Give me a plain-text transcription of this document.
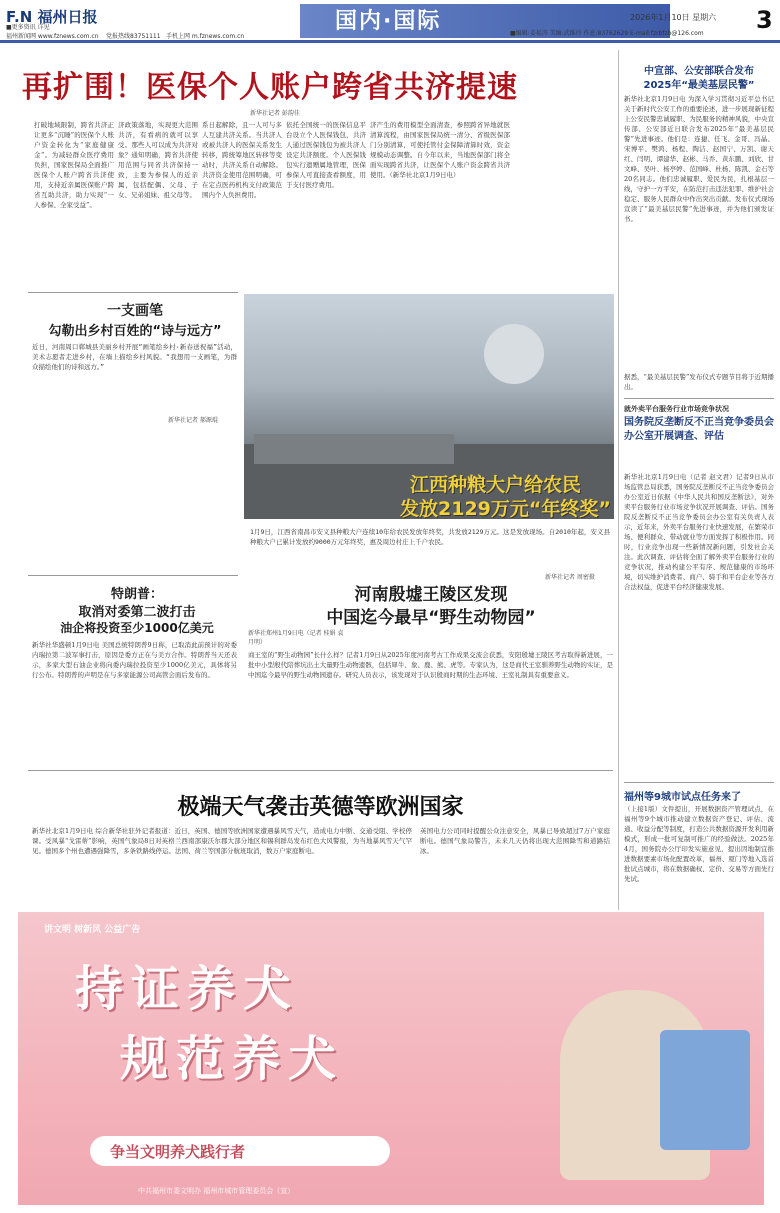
F.N 福州日报
■更多资讯 详见
福州新闻网 www.fznews.com.cn 党报热线83751111 手机上网 m.fznews.com.cn
国内·国际	2026年1月10日 星期六 3
■编辑:姜福涛 美编:武维玲 作息:83762629 E-mail:fzrbfzb@126.com
再扩围！医保个人账户跨省共济提速
新华社记者 彭韵佳
打破地域限制，跨省共济正让更多“沉睡”的医保个人账户资金转化为“家庭健康金”。为减轻群众医疗费用负担，国家医保局全面推广医保个人账户跨省共济使用，支持近亲属医保账户跨省互助共济，助力实现“一人参保、全家受益”。
济政策落地，实现更大范围共济，有看病的就可以享受。那些人可以成为共济对象？通知明确，跨省共济使用范围与同省共济保持一致，主要为参保人的近亲属，包括配偶、父母、子女、兄弟姐妹、祖父母等。
系日起解除，且一人可与多人互建共济关系。当共济人或被共济人的医保关系发生转移，跨统筹地区转移等变动时，共济关系自动解除。共济资金使用范围明确，可在定点医药机构支付政策范围内个人负担费用。
依托全国统一的医保信息平台设立个人医保钱包，共济人通过医保钱包为被共济人设定共济额度。个人医保钱包实行遗赠属地管理，医保参保人可直接查看额度，用于支付医疗费用。
济产生的费用模型全面清查，参照跨省异地就医清算流程，由国家医保局统一清分、省级医保部门分别清算，可使托管付金保障清算时效，资金规模动态调整。自今年以来，当地医保部门将全面实现跨省共济，让医保个人账户资金跨省共济使用。（新华社北京1月9日电）
一支画笔
勾勒出乡村百姓的“诗与远方”
近日，河南周口郸城县美丽乡村开展“画笔绘乡村·新春送祝福”活动，美术志愿者走进乡村，在墙上描绘乡村风貌。“我想用一支画笔，为群众描绘他们的诗和远方。”
新华社记者 郝源琨
江西种粮大户给农民
发放2129万元“年终奖”
1月9日，江西省南昌市安义县种粮大户连续10年给农民发放年终奖，共发放2129万元。这是发放现场。自2010年起，安义县种粮大户已累计发放约9000万元年终奖，惠及周边村庄上千户农民。
新华社记者 周密摄
特朗普：
取消对委第二波打击
油企将投资至少1000亿美元
新华社华盛顿1月9日电 美国总统特朗普9日称，已取消此前预计的对委内瑞拉第二波军事打击，原因是委方正在与美方合作。特朗普当天还表示，多家大型石油企业将向委内瑞拉投资至少1000亿美元，具体将另行公布。特朗普的声明是在与多家能源公司高管会面后发布的。
河南殷墟王陵区发现
中国迄今最早“野生动物园”
新华社郑州1月9日电（记者 桂娟 袁月明）
商王室的“野生动物园”长什么样？记者1月9日从2025年度河南考古工作成果交流会获悉，安阳殷墟王陵区考古取得新进展，一批中小型殷代陪葬坑出土大量野生动物遗骸，包括犀牛、象、鹿、熊、虎等。专家认为，这是商代王室驯养野生动物的实证，是中国迄今最早的野生动物园遗存。研究人员表示，该发现对于认识殷商时期的生态环境、王室礼制具有重要意义。
极端天气袭击英德等欧洲国家
新华社北京1月9日电 综合新华社驻外记者报道：近日，英国、德国等欧洲国家遭遇暴风雪天气，造成电力中断、交通受阻、学校停课。受风暴“戈雷蒂”影响，英国气象局8日对英格兰西南部康沃尔郡大部分地区和锡利群岛发布红色大风警报，为当地暴风雪天气罕见。德国多个州也遭遇强降雪，多条铁路线停运。法国、荷兰等国部分航班取消，数万户家庭断电。
英国电力公司同时提醒公众注意安全，风暴已导致超过7万户家庭断电。德国气象局警告，未来几天仍将出现大范围降雪和道路结冰。
中宣部、公安部联合发布
2025年“最美基层民警”
新华社北京1月9日电 为深入学习贯彻习近平总书记关于新时代公安工作的重要论述，进一步展现新征程上公安民警忠诚履职、为民服务的精神风貌，中央宣传部、公安部近日联合发布2025年“最美基层民警”先进事迹。他们是：连捷、任飞、金哥、冯晶、宋博平、樊鸿、杨程、陶洁、赵国宁、万凯、谢天红、闫明、谭建华、赵彬、马乔、黄东鹏、刘欣、甘文峰、吴叶、杨亭婷、范国峰、杜杨、陈凯、金石等20名同志。他们忠诚履职、爱民为民，扎根基层一线，守护一方平安，在防范打击违法犯罪、维护社会稳定、服务人民群众中作出突出贡献。发布仪式现场宣读了“最美基层民警”先进事迹，并为他们颁发证书。
据悉，“最美基层民警”发布仪式专题节目将于近期播出。
就外卖平台服务行业市场竞争状况
国务院反垄断反不正当竞争委员会办公室开展调查、评估
新华社北京1月9日电（记者 赵文君）记者9日从市场监管总局获悉，国务院反垄断反不正当竞争委员会办公室近日依据《中华人民共和国反垄断法》，对外卖平台服务行业市场竞争状况开展调查、评估。国务院反垄断反不正当竞争委员会办公室有关负责人表示，近年来，外卖平台服务行业快速发展，在繁荣市场、便利群众、带动就业等方面发挥了积极作用。同时，行业竞争出现一些新情况新问题，引发社会关注。此次调查、评估将全面了解外卖平台服务行业的竞争状况，推动构建公平有序、规范健康的市场环境，切实维护消费者、商户、骑手和平台企业等各方合法权益，促进平台经济健康发展。
福州等9城市试点任务来了
（上接1版）文件提出，开展数据资产管理试点，在福州等9个城市推动建立数据资产登记、评估、流通、收益分配等制度，打造公共数据资源开发利用新模式，形成一批可复制可推广的经验做法。2025年4月，国务院办公厅印发实施意见，提出因地制宜推进数据要素市场化配置改革，福州、厦门等地入选首批试点城市，将在数据确权、定价、交易等方面先行先试。
讲文明 树新风 公益广告
持证养犬
规范养犬
争当文明养犬践行者
中共福州市委文明办 福州市城市管理委员会（宣）
